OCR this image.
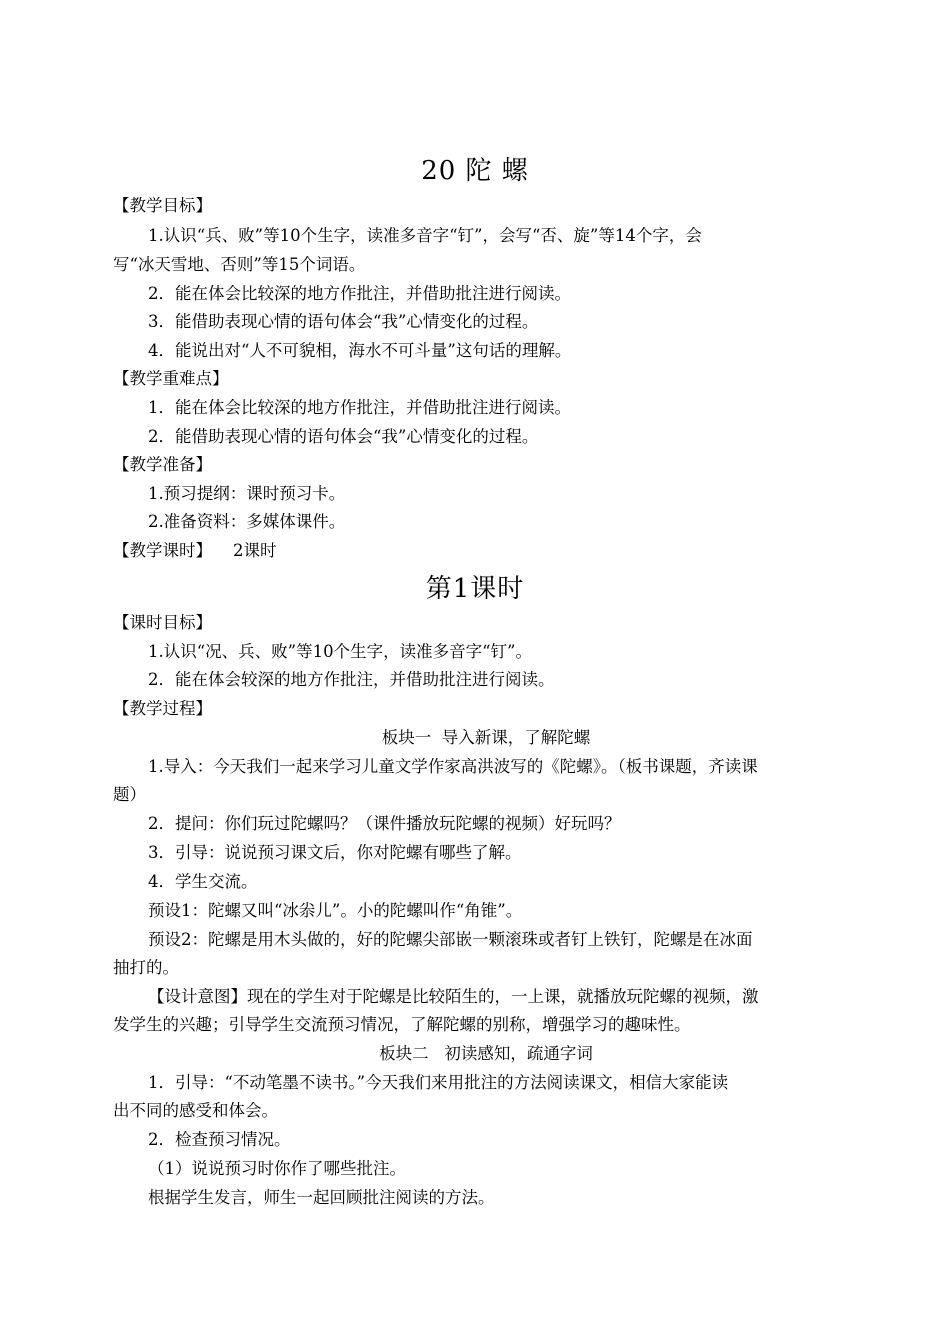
20 陀 螺
【教学目标】
1.认识“兵、败”等10个生字，读准多音字“钉”，会写“否、旋”等14个字，会
写“冰天雪地、否则”等15个词语。
2．能在体会比较深的地方作批注，并借助批注进行阅读。
3．能借助表现心情的语句体会“我”心情变化的过程。
4．能说出对“人不可貌相，海水不可斗量”这句话的理解。
【教学重难点】
1．能在体会比较深的地方作批注，并借助批注进行阅读。
2．能借助表现心情的语句体会“我”心情变化的过程。
【教学准备】
1.预习提纲：课时预习卡。
2.准备资料：多媒体课件。
【教学课时】    2课时
第1课时
【课时目标】
1.认识“况、兵、败”等10个生字，读准多音字“钉”。
2．能在体会较深的地方作批注，并借助批注进行阅读。
【教学过程】
板块一  导入新课，了解陀螺
1.导入：今天我们一起来学习儿童文学作家高洪波写的《陀螺》。（板书课题，齐读课
题）
2．提问：你们玩过陀螺吗？（课件播放玩陀螺的视频）好玩吗？
3．引导：说说预习课文后，你对陀螺有哪些了解。
4．学生交流。
预设1：陀螺又叫“冰尜儿”。小的陀螺叫作“角锥”。
预设2：陀螺是用木头做的，好的陀螺尖部嵌一颗滚珠或者钉上铁钉，陀螺是在冰面
抽打的。
【设计意图】现在的学生对于陀螺是比较陌生的，一上课，就播放玩陀螺的视频，激
发学生的兴趣；引导学生交流预习情况，了解陀螺的别称，增强学习的趣味性。
板块二   初读感知，疏通字词
1．引导：“不动笔墨不读书。”今天我们来用批注的方法阅读课文，相信大家能读
出不同的感受和体会。
2．检查预习情况。
（1）说说预习时你作了哪些批注。
根据学生发言，师生一起回顾批注阅读的方法。
